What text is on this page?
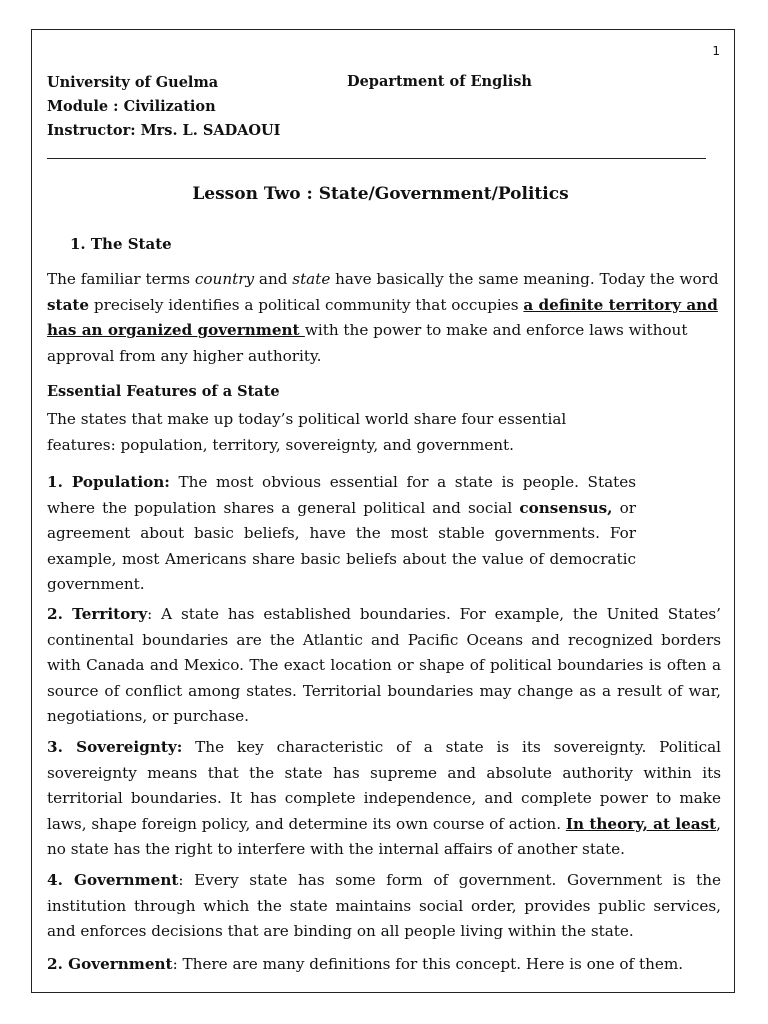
1
University of Guelma	Department of English
Module : Civilization
Instructor: Mrs. L. SADAOUI
Lesson Two : State/Government/Politics
1. The State

The familiar terms country and state have basically the same meaning. Today the word state precisely identifies a political community that occupies a definite territory and has an organized government with the power to make and enforce laws without approval from any higher authority.

Essential Features of a State

The states that make up today’s political world share four essential
features: population, territory, sovereignty, and government.

1. Population: The most obvious essential for a state is people. States where the population shares a general political and social consensus, or agreement about basic beliefs, have the most stable governments. For example, most Americans share basic beliefs about the value of democratic government.

2. Territory: A state has established boundaries. For example, the United States’ continental boundaries are the Atlantic and Pacific Oceans and recognized borders with Canada and Mexico. The exact location or shape of political boundaries is often a source of conflict among states. Territorial boundaries may change as a result of war, negotiations, or purchase.

3. Sovereignty: The key characteristic of a state is its sovereignty. Political sovereignty means that the state has supreme and absolute authority within its territorial boundaries. It has complete independence, and complete power to make laws, shape foreign policy, and determine its own course of action. In theory, at least, no state has the right to interfere with the internal affairs of another state.

4. Government: Every state has some form of government. Government is the institution through which the state maintains social order, provides public services, and enforces decisions that are binding on all people living within the state.

2. Government: There are many definitions for this concept. Here is one of them.
